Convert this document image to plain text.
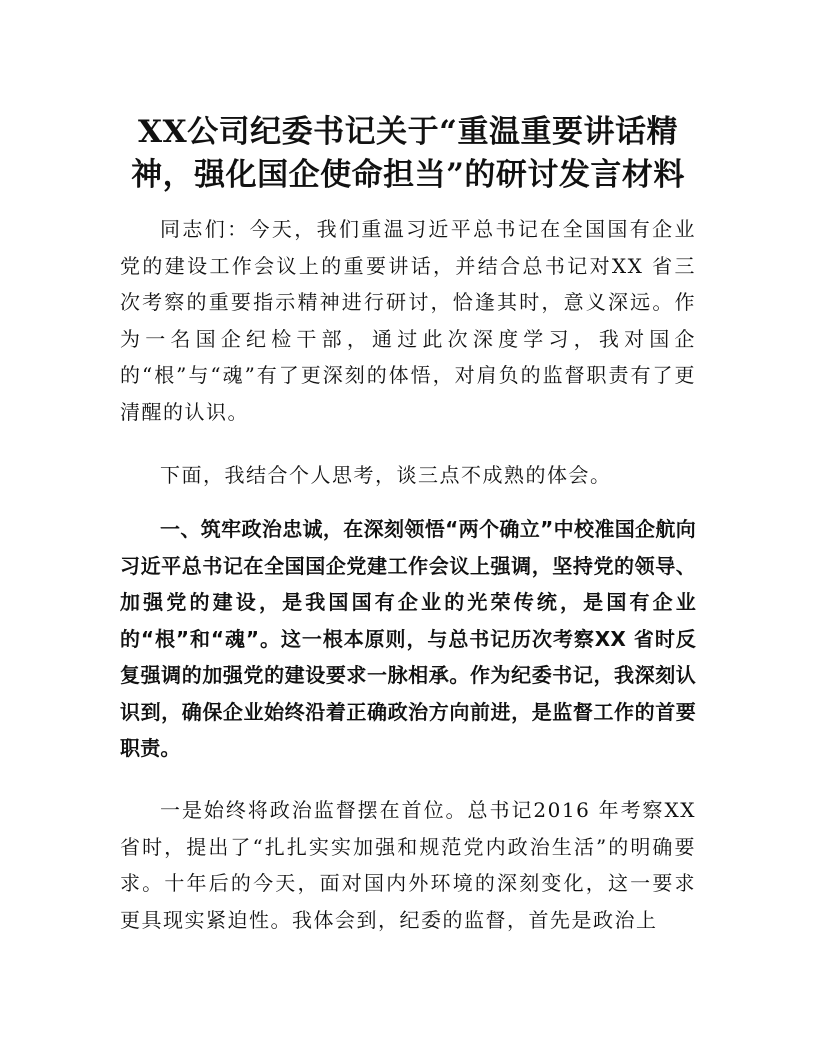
XX公司纪委书记关于“重温重要讲话精神，强化国企使命担当”的研讨发言材料

同志们：今天，我们重温习近平总书记在全国国有企业党的建设工作会议上的重要讲话，并结合总书记对XX 省三次考察的重要指示精神进行研讨，恰逢其时，意义深远。作为一名国企纪检干部，通过此次深度学习，我对国企的“根”与“魂”有了更深刻的体悟，对肩负的监督职责有了更清醒的认识。

下面，我结合个人思考，谈三点不成熟的体会。

一、筑牢政治忠诚，在深刻领悟“两个确立”中校准国企航向习近平总书记在全国国企党建工作会议上强调，坚持党的领导、加强党的建设，是我国国有企业的光荣传统，是国有企业的“根”和“魂”。这一根本原则，与总书记历次考察XX 省时反复强调的加强党的建设要求一脉相承。作为纪委书记，我深刻认识到，确保企业始终沿着正确政治方向前进，是监督工作的首要职责。

一是始终将政治监督摆在首位。总书记2016 年考察XX 省时，提出了“扎扎实实加强和规范党内政治生活”的明确要求。十年后的今天，面对国内外环境的深刻变化，这一要求更具现实紧迫性。我体会到，纪委的监督，首先是政治上
